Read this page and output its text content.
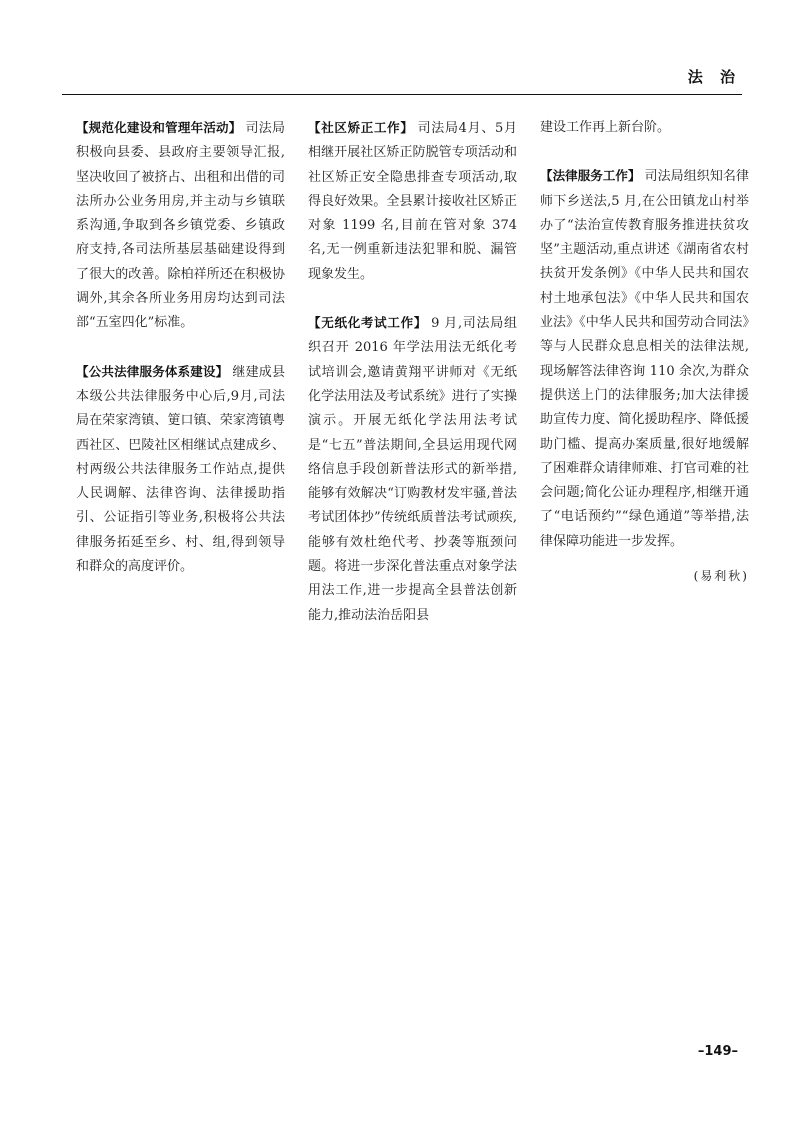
法 治

【规范化建设和管理年活动】 司法局积极向县委、县政府主要领导汇报,坚决收回了被挤占、出租和出借的司法所办公业务用房,并主动与乡镇联系沟通,争取到各乡镇党委、乡镇政府支持,各司法所基层基础建设得到了很大的改善。除柏祥所还在积极协调外,其余各所业务用房均达到司法部“五室四化”标准。

【公共法律服务体系建设】 继建成县本级公共法律服务中心后,9月,司法局在荣家湾镇、筻口镇、荣家湾镇粤西社区、巴陵社区相继试点建成乡、村两级公共法律服务工作站点,提供人民调解、法律咨询、法律援助指引、公证指引等业务,积极将公共法律服务拓延至乡、村、组,得到领导和群众的高度评价。

【社区矫正工作】 司法局4月、5月相继开展社区矫正防脱管专项活动和社区矫正安全隐患排查专项活动,取得良好效果。全县累计接收社区矫正对象 1199 名,目前在管对象 374 名,无一例重新违法犯罪和脱、漏管现象发生。

【无纸化考试工作】 9 月,司法局组织召开 2016 年学法用法无纸化考试培训会,邀请黄翔平讲师对《无纸化学法用法及考试系统》进行了实操演示。开展无纸化学法用法考试是“七五”普法期间,全县运用现代网络信息手段创新普法形式的新举措,能够有效解决“订购教材发牢骚,普法考试团体抄”传统纸质普法考试顽疾,能够有效杜绝代考、抄袭等瓶颈问题。将进一步深化普法重点对象学法用法工作,进一步提高全县普法创新能力,推动法治岳阳县

建设工作再上新台阶。

【法律服务工作】 司法局组织知名律师下乡送法,5 月,在公田镇龙山村举办了“法治宣传教育服务推进扶贫攻坚”主题活动,重点讲述《湖南省农村扶贫开发条例》《中华人民共和国农村土地承包法》《中华人民共和国农业法》《中华人民共和国劳动合同法》等与人民群众息息相关的法律法规,现场解答法律咨询 110 余次,为群众提供送上门的法律服务;加大法律援助宣传力度、简化援助程序、降低援助门槛、提高办案质量,很好地缓解了困难群众请律师难、打官司难的社会问题;简化公证办理程序,相继开通了“电话预约”“绿色通道”等举措,法律保障功能进一步发挥。

(易利秋)
–149–
